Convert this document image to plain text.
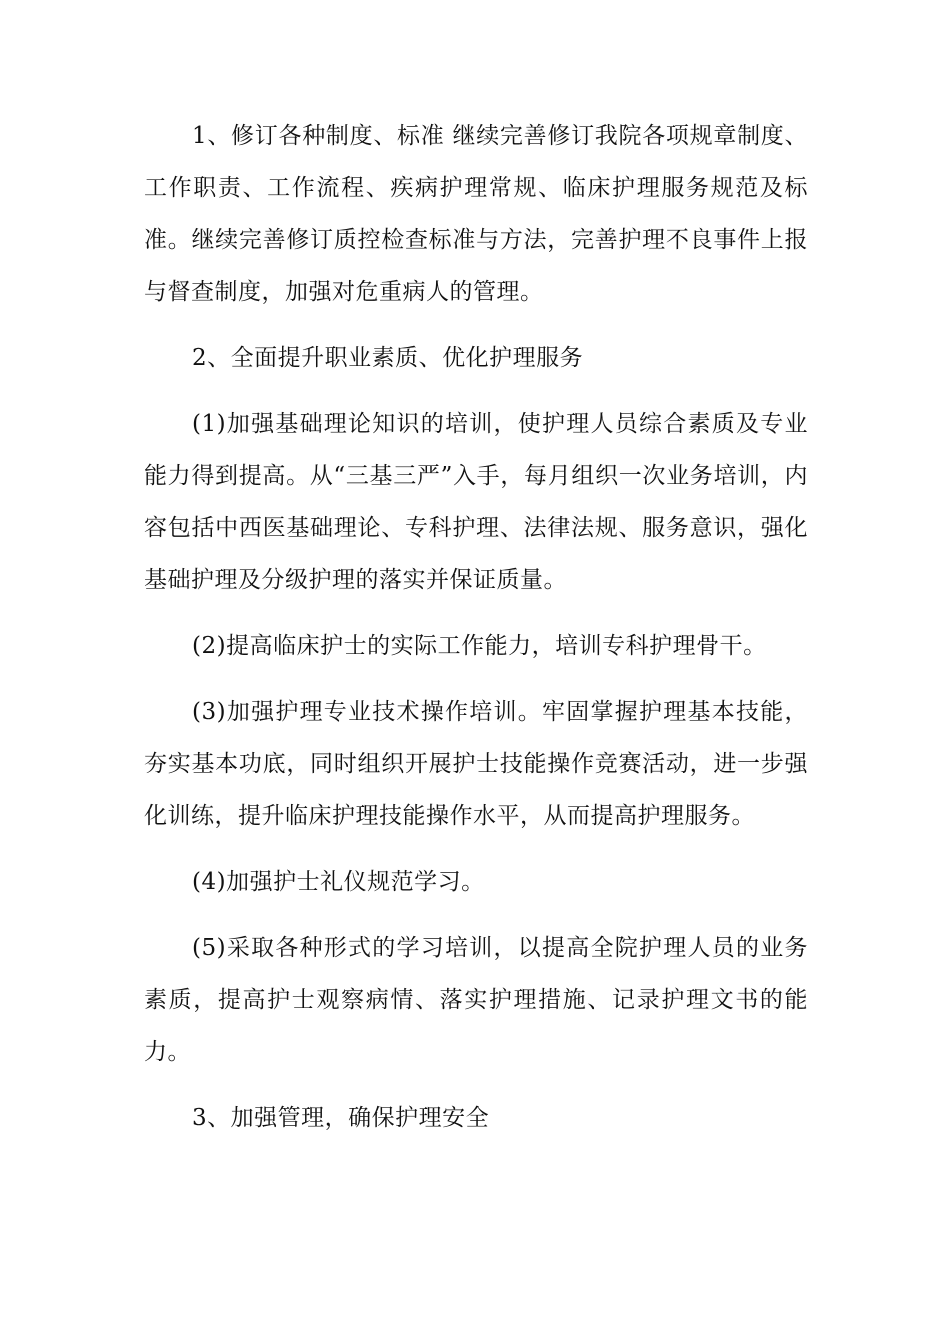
1、修订各种制度、标准 继续完善修订我院各项规章制度、工作职责、工作流程、疾病护理常规、临床护理服务规范及标准。继续完善修订质控检查标准与方法，完善护理不良事件上报与督查制度，加强对危重病人的管理。

2、全面提升职业素质、优化护理服务

(1)加强基础理论知识的培训，使护理人员综合素质及专业能力得到提高。从“三基三严”入手，每月组织一次业务培训，内容包括中西医基础理论、专科护理、法律法规、服务意识，强化基础护理及分级护理的落实并保证质量。

(2)提高临床护士的实际工作能力，培训专科护理骨干。

(3)加强护理专业技术操作培训。牢固掌握护理基本技能，夯实基本功底，同时组织开展护士技能操作竞赛活动，进一步强化训练，提升临床护理技能操作水平，从而提高护理服务。

(4)加强护士礼仪规范学习。

(5)采取各种形式的学习培训，以提高全院护理人员的业务素质，提高护士观察病情、落实护理措施、记录护理文书的能力。

3、加强管理，确保护理安全
